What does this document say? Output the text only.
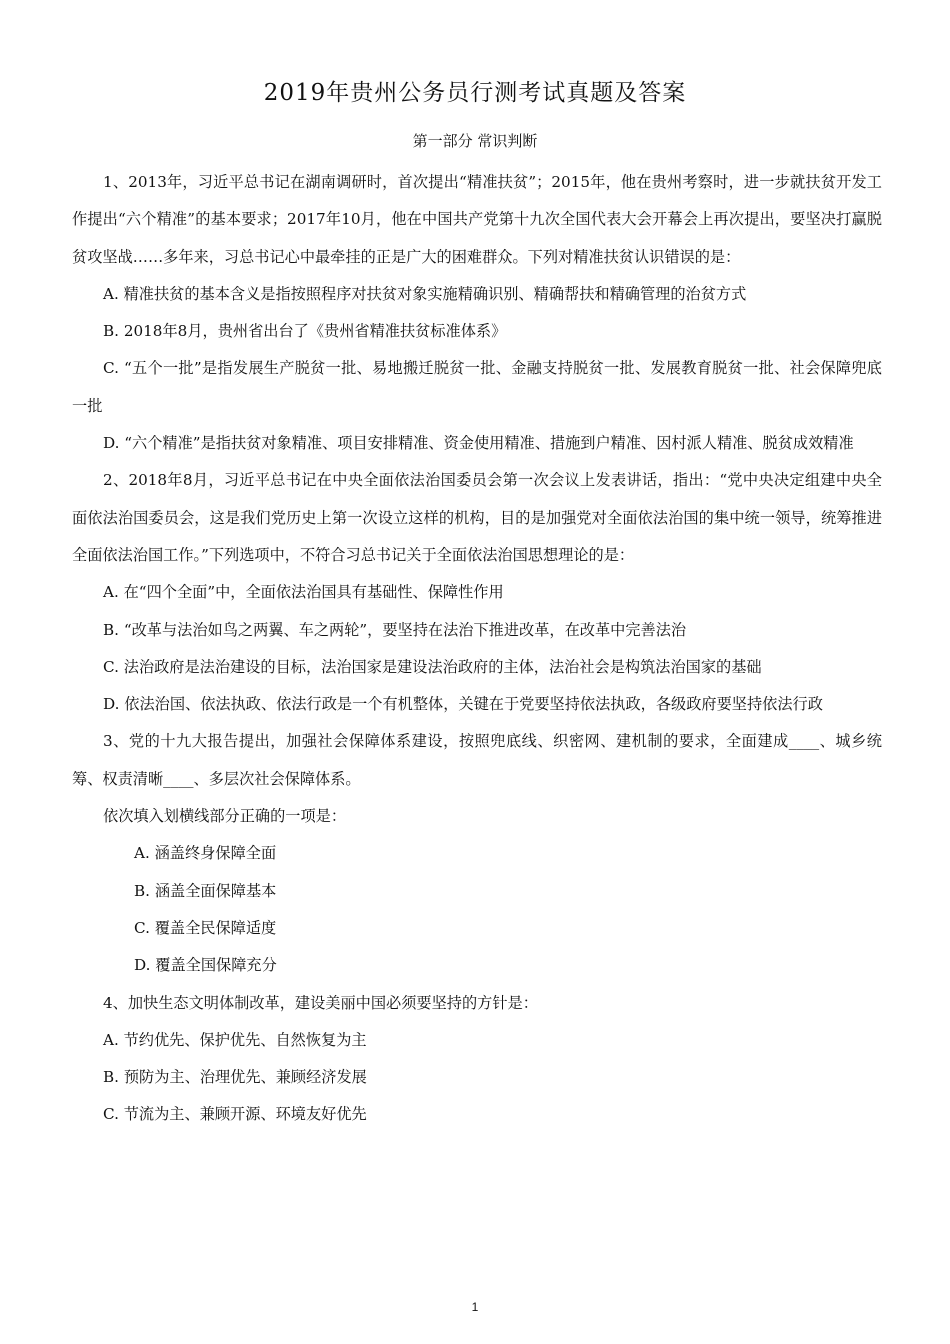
2019年贵州公务员行测考试真题及答案
第一部分 常识判断

1、2013年，习近平总书记在湖南调研时，首次提出“精准扶贫”；2015年，他在贵州考察时，进一步就扶贫开发工作提出“六个精准”的基本要求；2017年10月，他在中国共产党第十九次全国代表大会开幕会上再次提出，要坚决打赢脱贫攻坚战……多年来，习总书记心中最牵挂的正是广大的困难群众。下列对精准扶贫认识错误的是：

A. 精准扶贫的基本含义是指按照程序对扶贫对象实施精确识别、精确帮扶和精确管理的治贫方式

B. 2018年8月，贵州省出台了《贵州省精准扶贫标准体系》

C. “五个一批”是指发展生产脱贫一批、易地搬迁脱贫一批、金融支持脱贫一批、发展教育脱贫一批、社会保障兜底一批

D. “六个精准”是指扶贫对象精准、项目安排精准、资金使用精准、措施到户精准、因村派人精准、脱贫成效精准

2、2018年8月，习近平总书记在中央全面依法治国委员会第一次会议上发表讲话，指出：“党中央决定组建中央全面依法治国委员会，这是我们党历史上第一次设立这样的机构，目的是加强党对全面依法治国的集中统一领导，统筹推进全面依法治国工作。”下列选项中，不符合习总书记关于全面依法治国思想理论的是：

A. 在“四个全面”中，全面依法治国具有基础性、保障性作用

B. “改革与法治如鸟之两翼、车之两轮”，要坚持在法治下推进改革，在改革中完善法治

C. 法治政府是法治建设的目标，法治国家是建设法治政府的主体，法治社会是构筑法治国家的基础

D. 依法治国、依法执政、依法行政是一个有机整体，关键在于党要坚持依法执政，各级政府要坚持依法行政

3、党的十九大报告提出，加强社会保障体系建设，按照兜底线、织密网、建机制的要求，全面建成____、城乡统筹、权责清晰____、多层次社会保障体系。

依次填入划横线部分正确的一项是：

A. 涵盖终身保障全面

B. 涵盖全面保障基本

C. 覆盖全民保障适度

D. 覆盖全国保障充分

4、加快生态文明体制改革，建设美丽中国必须要坚持的方针是：

A. 节约优先、保护优先、自然恢复为主

B. 预防为主、治理优先、兼顾经济发展

C. 节流为主、兼顾开源、环境友好优先

1
